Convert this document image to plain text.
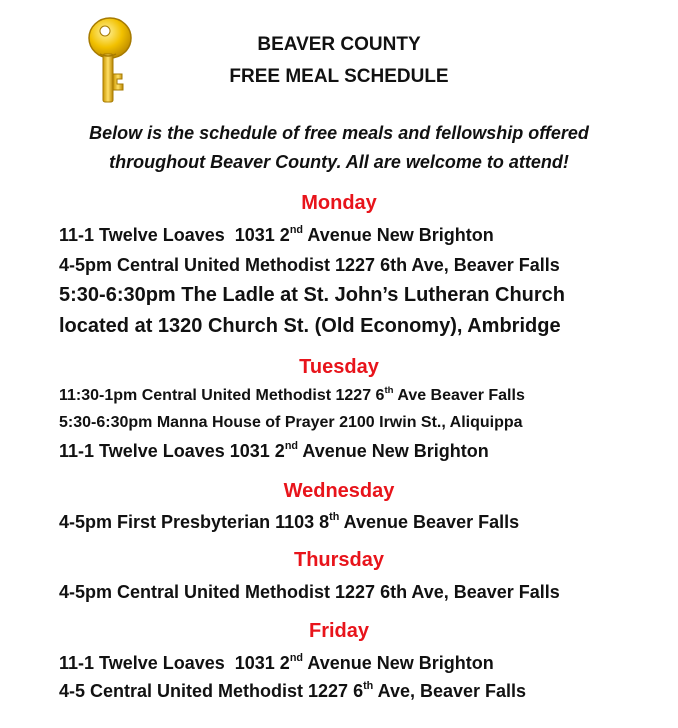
BEAVER COUNTY
FREE MEAL SCHEDULE
Below is the schedule of free meals and fellowship offered
throughout Beaver County. All are welcome to attend!
Monday
11-1 Twelve Loaves  1031 2nd Avenue New Brighton
4-5pm Central United Methodist 1227 6th Ave, Beaver Falls
5:30-6:30pm The Ladle at St. John’s Lutheran Church
located at 1320 Church St. (Old Economy), Ambridge
Tuesday
11:30-1pm Central United Methodist 1227 6th Ave Beaver Falls
5:30-6:30pm Manna House of Prayer 2100 Irwin St., Aliquippa
11-1 Twelve Loaves 1031 2nd Avenue New Brighton
Wednesday
4-5pm First Presbyterian 1103 8th Avenue Beaver Falls
Thursday
4-5pm Central United Methodist 1227 6th Ave, Beaver Falls
Friday
11-1 Twelve Loaves  1031 2nd Avenue New Brighton
4-5 Central United Methodist 1227 6th Ave, Beaver Falls
